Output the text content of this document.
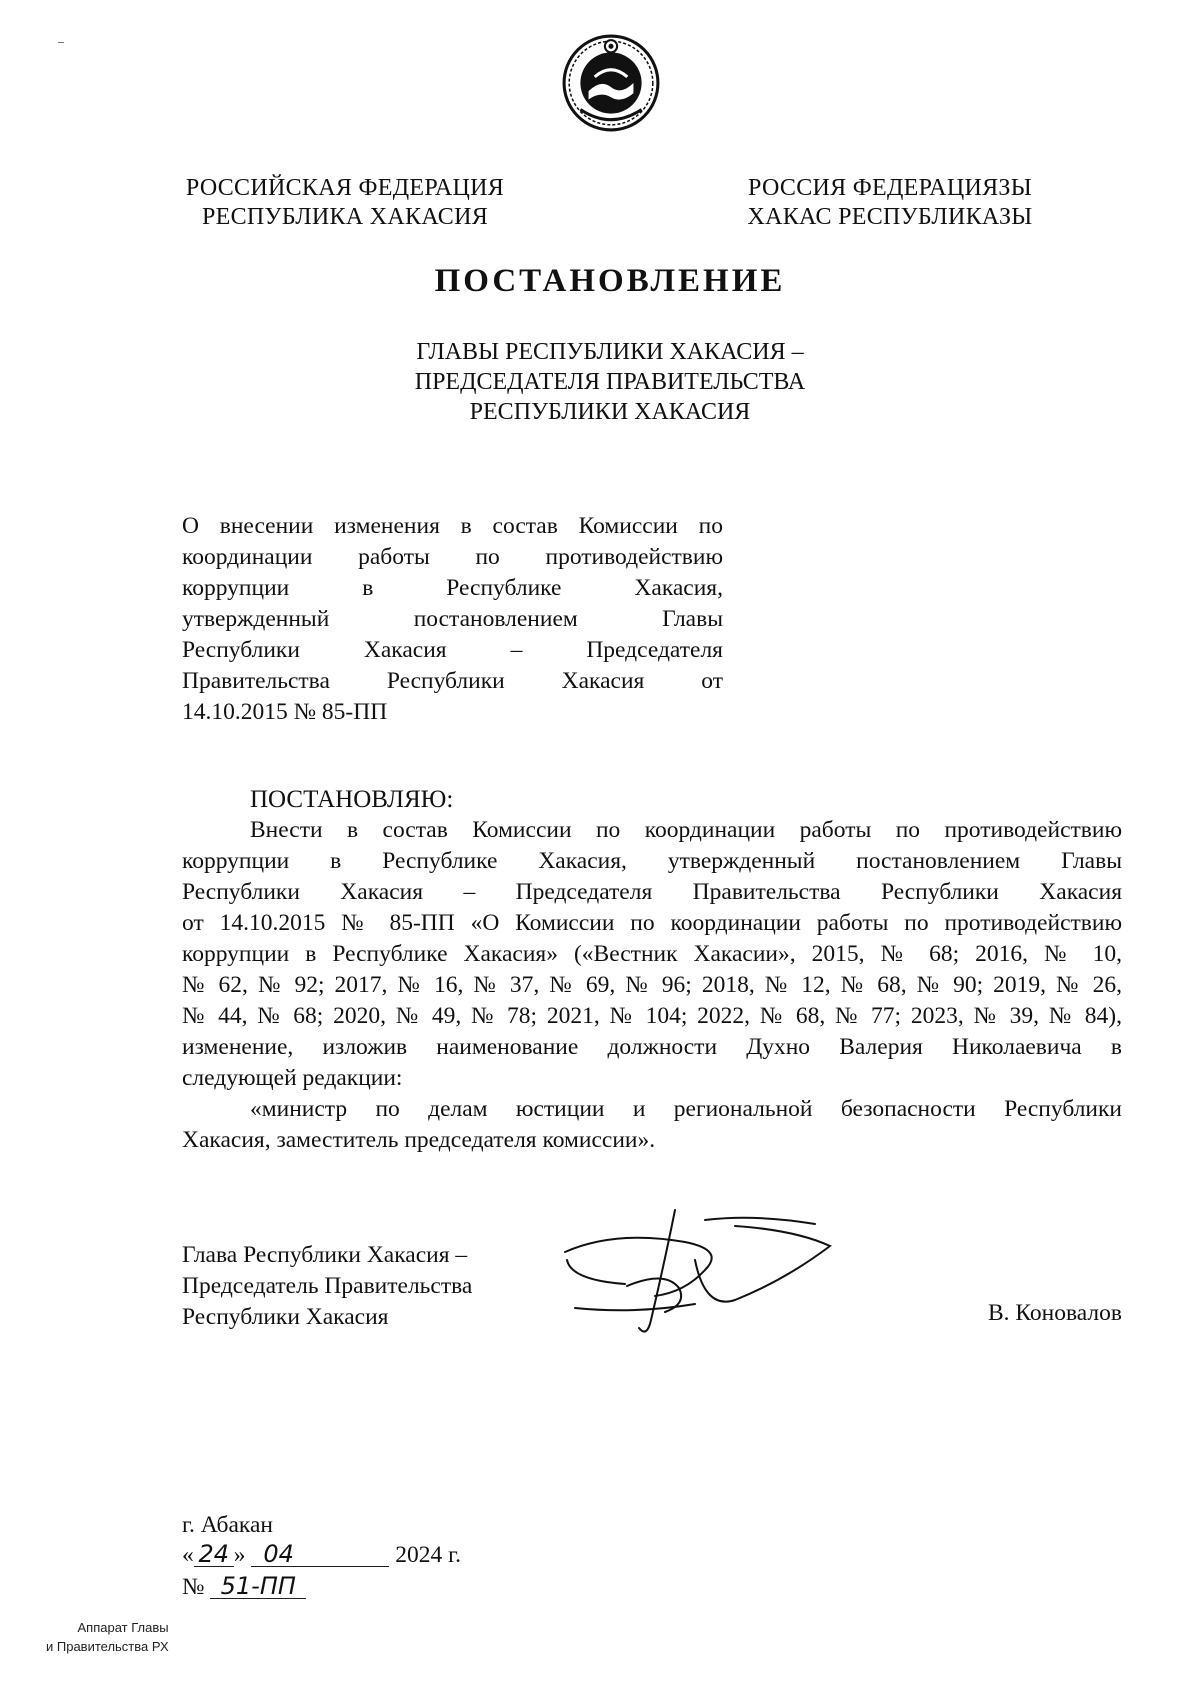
РОССИЙСКАЯ ФЕДЕРАЦИЯ
РЕСПУБЛИКА ХАКАСИЯ
РОССИЯ ФЕДЕРАЦИЯЗЫ
ХАКАС РЕСПУБЛИКАЗЫ
ПОСТАНОВЛЕНИЕ
ГЛАВЫ РЕСПУБЛИКИ ХАКАСИЯ –
ПРЕДСЕДАТЕЛЯ ПРАВИТЕЛЬСТВА
РЕСПУБЛИКИ ХАКАСИЯ
О внесении изменения в состав Комиссии по
координации работы по противодействию
коррупции в Республике Хакасия,
утвержденный постановлением Главы
Республики Хакасия – Председателя
Правительства Республики Хакасия от
14.10.2015 № 85-ПП
ПОСТАНОВЛЯЮ:
Внести в состав Комиссии по координации работы по противодействию
коррупции в Республике Хакасия, утвержденный постановлением Главы
Республики Хакасия – Председателя Правительства Республики Хакасия
от 14.10.2015 № 85-ПП «О Комиссии по координации работы по противодействию
коррупции в Республике Хакасия» («Вестник Хакасии», 2015, № 68; 2016, № 10,
№ 62, № 92; 2017, № 16, № 37, № 69, № 96; 2018, № 12, № 68, № 90; 2019, № 26,
№ 44, № 68; 2020, № 49, № 78; 2021, № 104; 2022, № 68, № 77; 2023, № 39, № 84),
изменение, изложив наименование должности Духно Валерия Николаевича в
следующей редакции:
«министр по делам юстиции и региональной безопасности Республики
Хакасия, заместитель председателя комиссии».
Глава Республики Хакасия –
Председатель Правительства
Республики Хакасия	В. Коновалов
г. Абакан
« 24 » 04	2024 г.
№ 51-ПП
Аппарат Главы
и Правительства РХ
